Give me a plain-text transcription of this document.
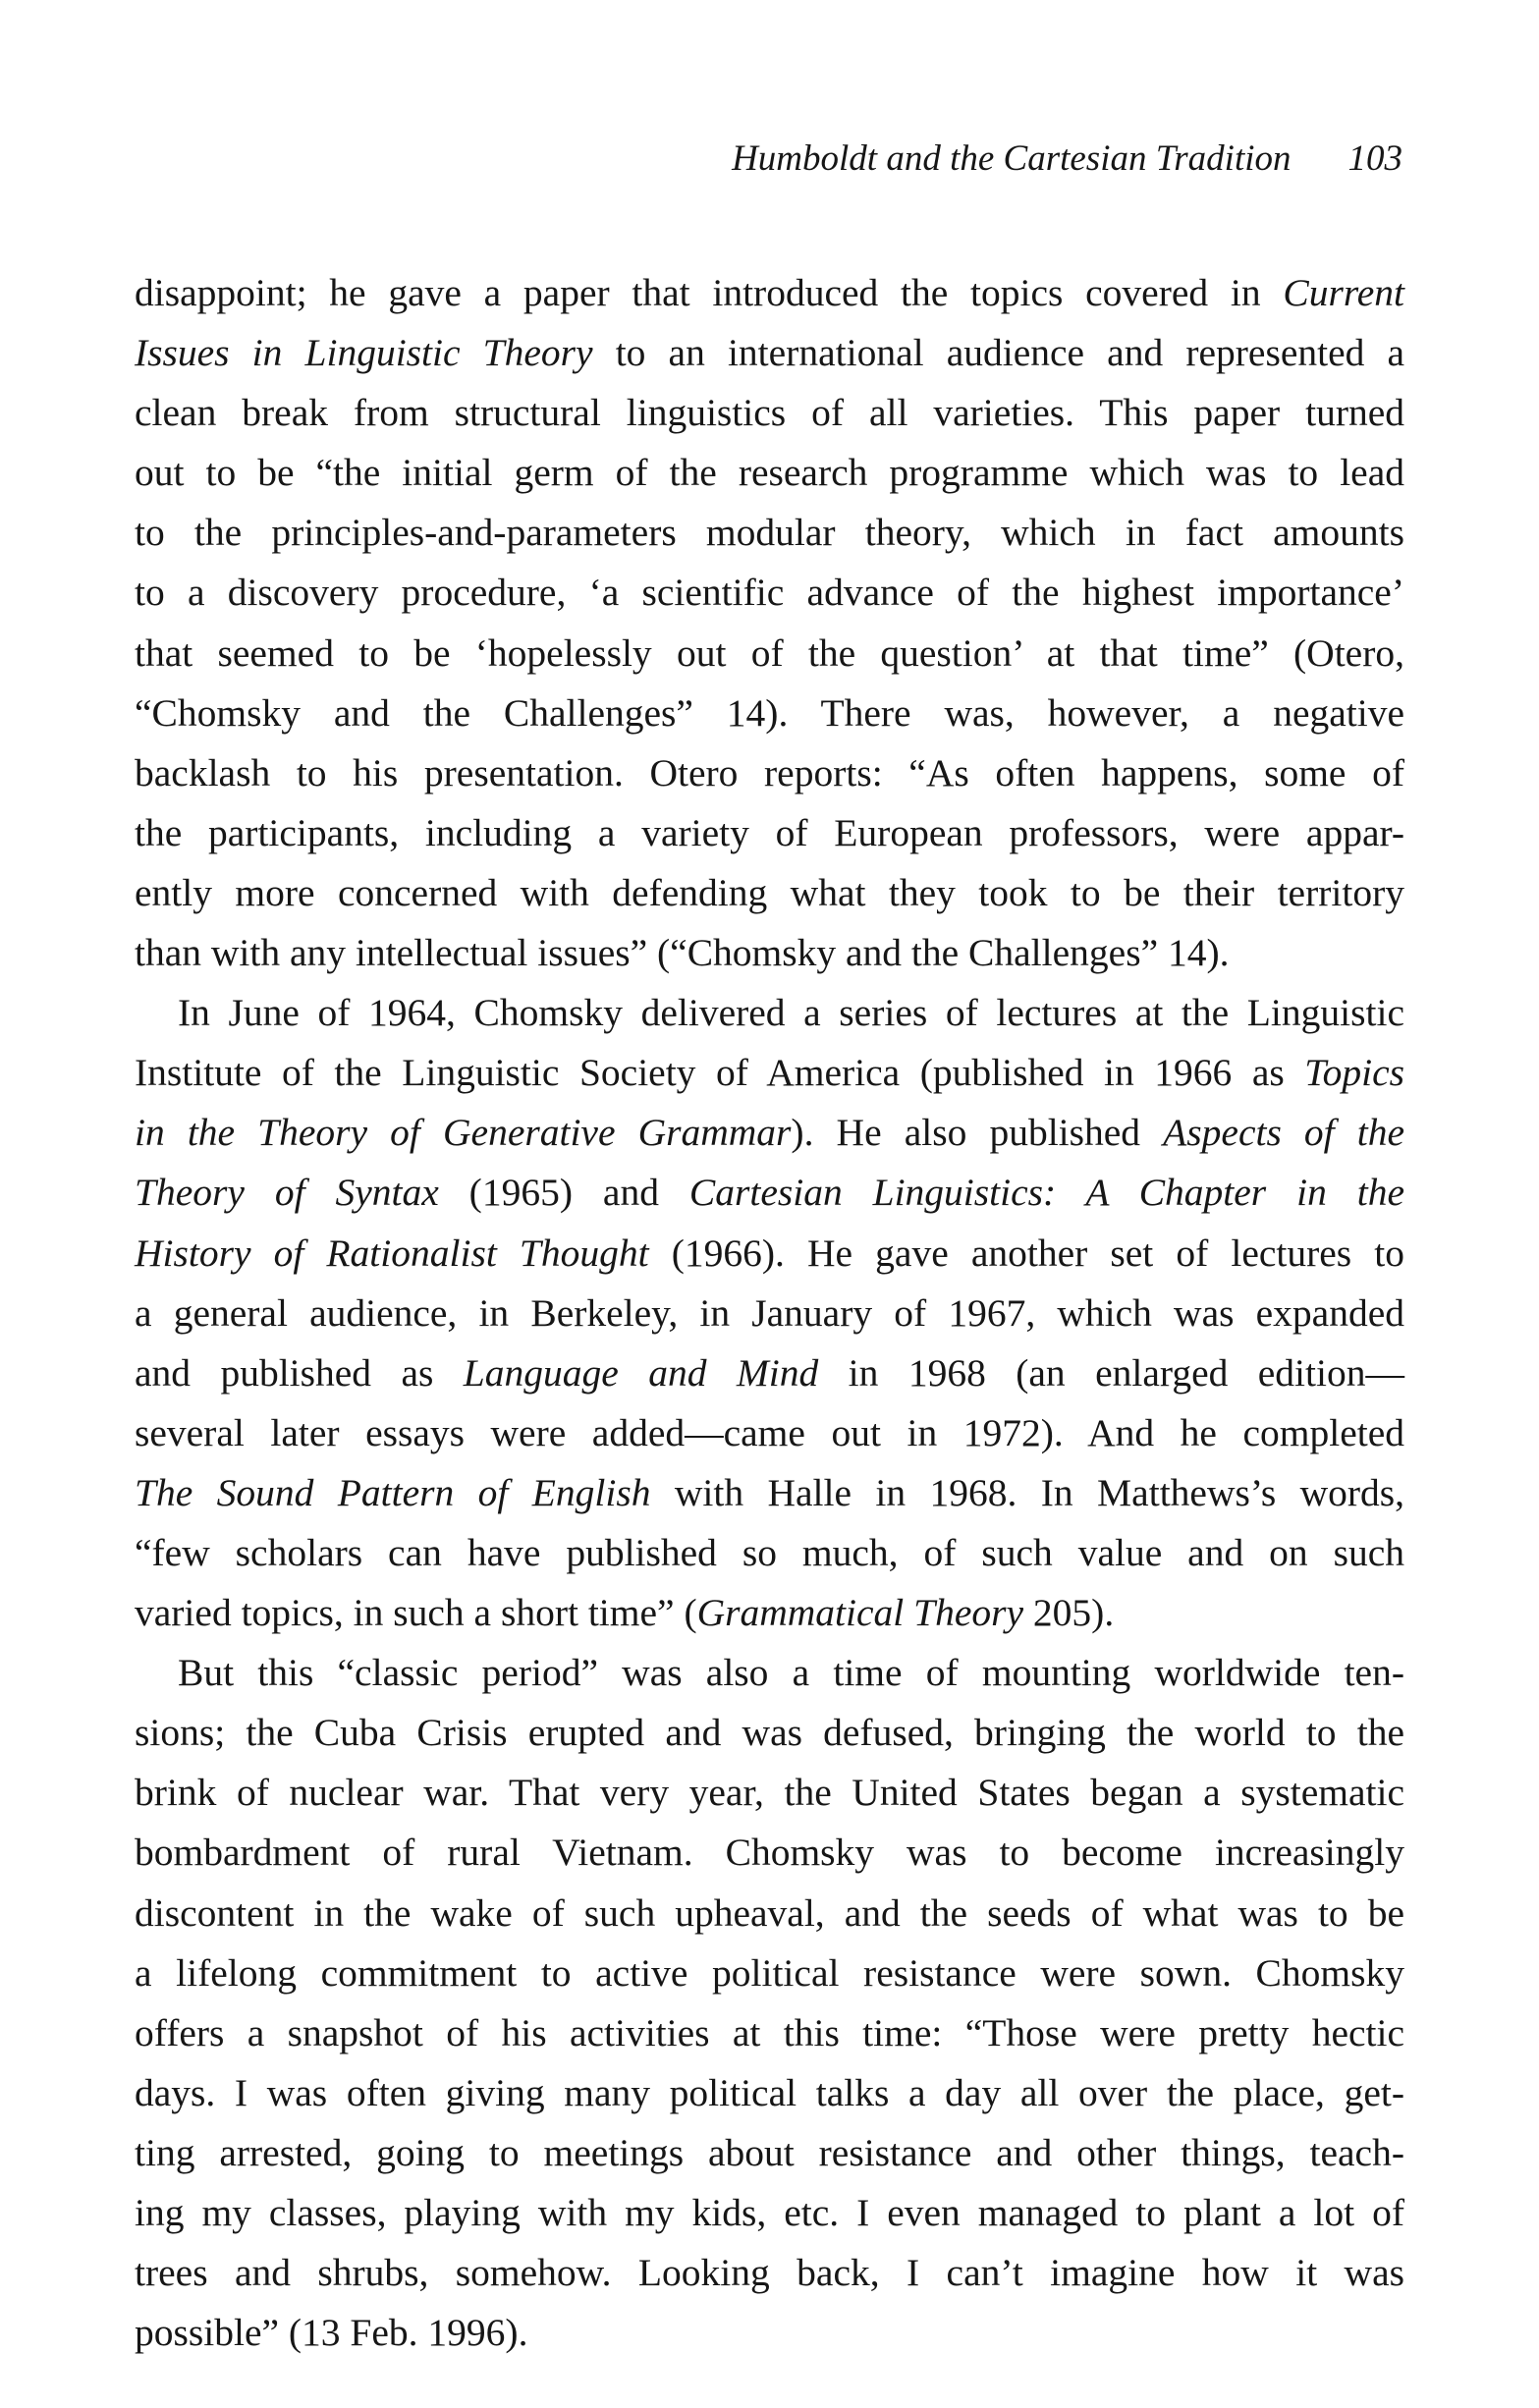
Humboldt and the Cartesian Tradition 103
disappoint; he gave a paper that introduced the topics covered in Current
Issues in Linguistic Theory to an international audience and represented a
clean break from structural linguistics of all varieties. This paper turned
out to be “the initial germ of the research programme which was to lead
to the principles-and-parameters modular theory, which in fact amounts
to a discovery procedure, ‘a scientific advance of the highest importance’
that seemed to be ‘hopelessly out of the question’ at that time” (Otero,
“Chomsky and the Challenges” 14). There was, however, a negative
backlash to his presentation. Otero reports: “As often happens, some of
the participants, including a variety of European professors, were appar-
ently more concerned with defending what they took to be their territory
than with any intellectual issues” (“Chomsky and the Challenges” 14).
In June of 1964, Chomsky delivered a series of lectures at the Linguistic
Institute of the Linguistic Society of America (published in 1966 as Topics
in the Theory of Generative Grammar). He also published Aspects of the
Theory of Syntax (1965) and Cartesian Linguistics: A Chapter in the
History of Rationalist Thought (1966). He gave another set of lectures to
a general audience, in Berkeley, in January of 1967, which was expanded
and published as Language and Mind in 1968 (an enlarged edition—
several later essays were added—came out in 1972). And he completed
The Sound Pattern of English with Halle in 1968. In Matthews’s words,
“few scholars can have published so much, of such value and on such
varied topics, in such a short time” (Grammatical Theory 205).
But this “classic period” was also a time of mounting worldwide ten-
sions; the Cuba Crisis erupted and was defused, bringing the world to the
brink of nuclear war. That very year, the United States began a systematic
bombardment of rural Vietnam. Chomsky was to become increasingly
discontent in the wake of such upheaval, and the seeds of what was to be
a lifelong commitment to active political resistance were sown. Chomsky
offers a snapshot of his activities at this time: “Those were pretty hectic
days. I was often giving many political talks a day all over the place, get-
ting arrested, going to meetings about resistance and other things, teach-
ing my classes, playing with my kids, etc. I even managed to plant a lot of
trees and shrubs, somehow. Looking back, I can’t imagine how it was
possible” (13 Feb. 1996).
